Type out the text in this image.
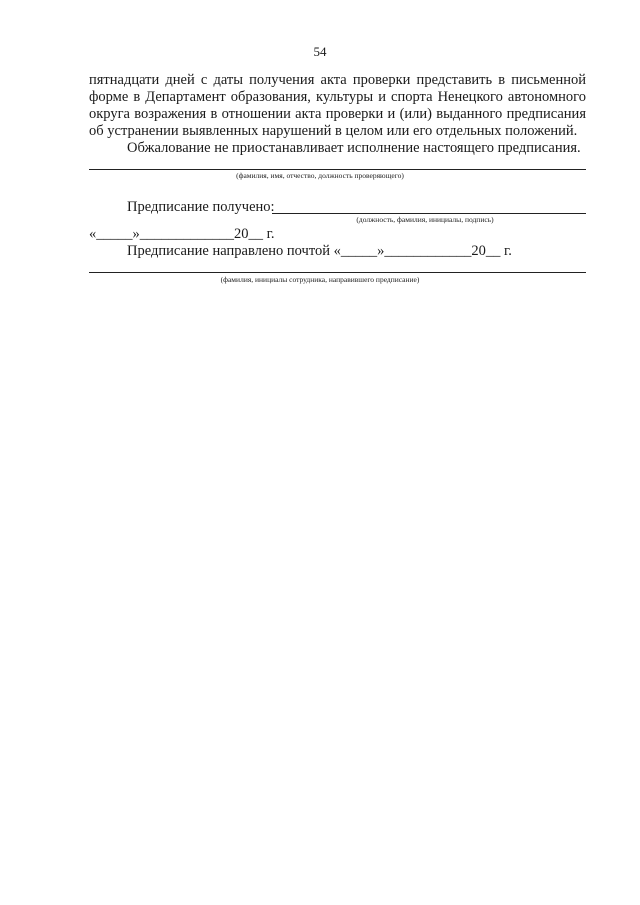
54
пятнадцати дней с даты получения акта проверки представить в письменной форме в Департамент образования, культуры и спорта Ненецкого автономного округа возражения в отношении акта проверки и (или) выданного предписания об устранении выявленных нарушений в целом или его отдельных положений.
Обжалование не приостанавливает исполнение настоящего предписания.
(фамилия, имя, отчество, должность проверяющего)
Предписание получено:
(должность, фамилия, инициалы, подпись)
«_____»_____________20__ г.
Предписание направлено почтой «_____»____________20__ г.
(фамилия, инициалы сотрудника, направившего предписание)
